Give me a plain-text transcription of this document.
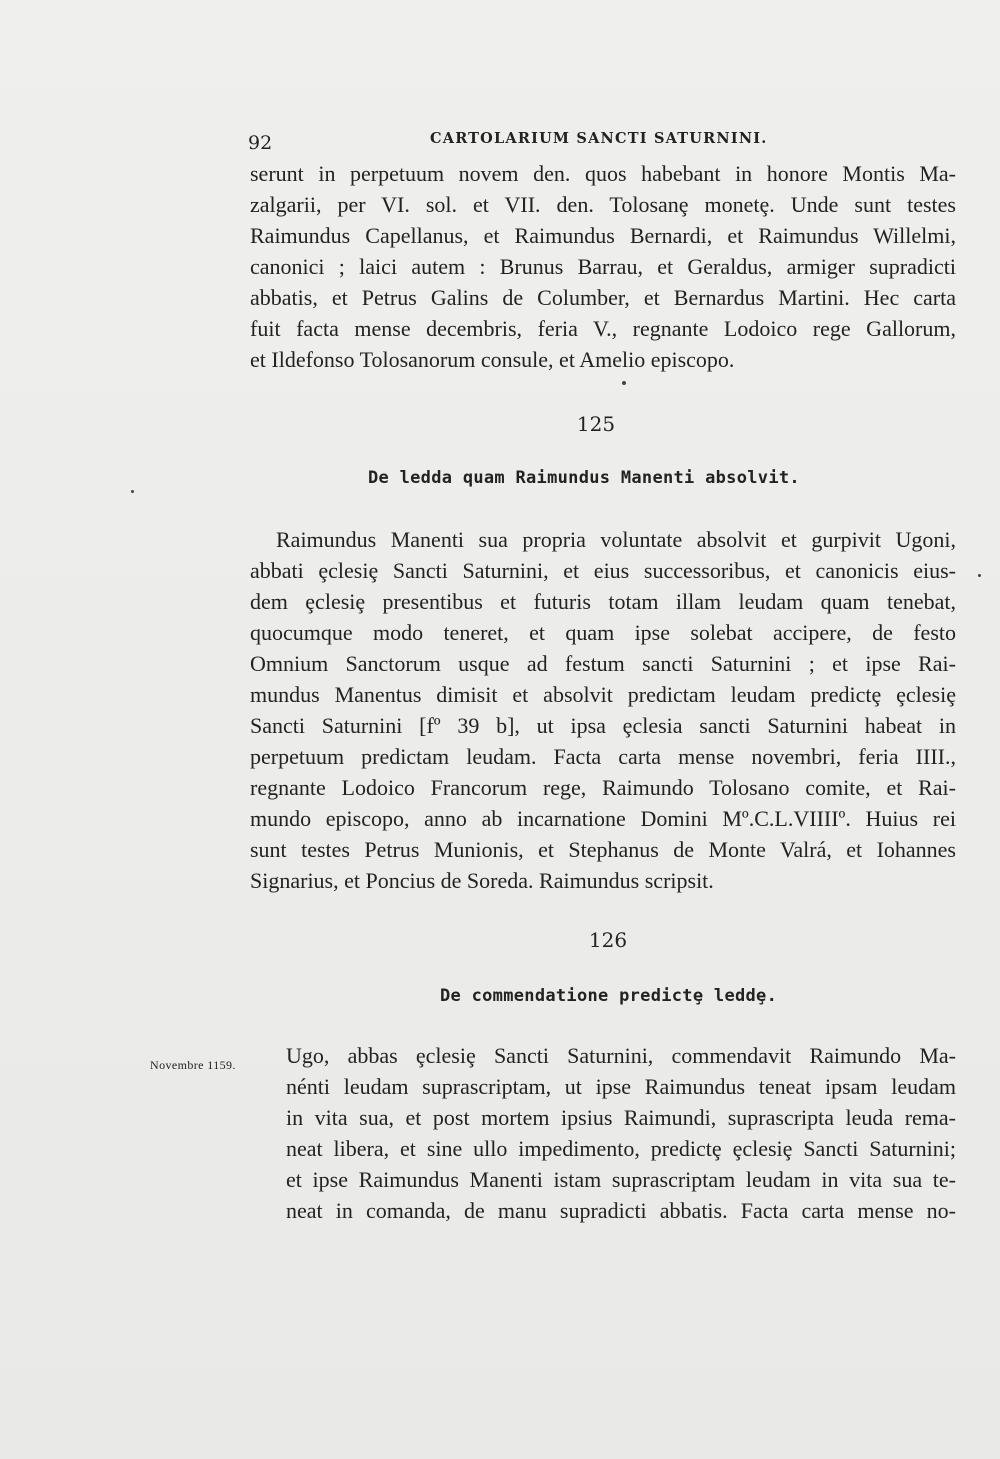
92	CARTOLARIUM SANCTI SATURNINI.
serunt in perpetuum novem den. quos habebant in honore Montis Ma-
zalgarii, per VI. sol. et VII. den. Tolosanȩ monetȩ. Unde sunt testes
Raimundus Capellanus, et Raimundus Bernardi, et Raimundus Willelmi,
canonici ; laici autem : Brunus Barrau, et Geraldus, armiger supradicti
abbatis, et Petrus Galins de Columber, et Bernardus Martini. Hec carta
fuit facta mense decembris, feria V., regnante Lodoico rege Gallorum,
et Ildefonso Tolosanorum consule, et Amelio episcopo.
125
De ledda quam Raimundus Manenti absolvit.
Raimundus Manenti sua propria voluntate absolvit et gurpivit Ugoni,
abbati ȩclesiȩ Sancti Saturnini, et eius successoribus, et canonicis eius-
dem ȩclesiȩ presentibus et futuris totam illam leudam quam tenebat,
quocumque modo teneret, et quam ipse solebat accipere, de festo
Omnium Sanctorum usque ad festum sancti Saturnini ; et ipse Rai-
mundus Manentus dimisit et absolvit predictam leudam predictȩ ȩclesiȩ
Sancti Saturnini [fº 39 b], ut ipsa ȩclesia sancti Saturnini habeat in
perpetuum predictam leudam. Facta carta mense novembri, feria IIII.,
regnante Lodoico Francorum rege, Raimundo Tolosano comite, et Rai-
mundo episcopo, anno ab incarnatione Domini Mº.C.L.VIIIIº. Huius rei
sunt testes Petrus Munionis, et Stephanus de Monte Valrá, et Iohannes
Signarius, et Poncius de Soreda. Raimundus scripsit.
126
De commendatione predictȩ leddȩ.
Novembre 1159. Ugo, abbas ȩclesiȩ Sancti Saturnini, commendavit Raimundo Ma-
nénti leudam suprascriptam, ut ipse Raimundus teneat ipsam leudam
in vita sua, et post mortem ipsius Raimundi, suprascripta leuda rema-
neat libera, et sine ullo impedimento, predictȩ ȩclesiȩ Sancti Saturnini;
et ipse Raimundus Manenti istam suprascriptam leudam in vita sua te-
neat in comanda, de manu supradicti abbatis. Facta carta mense no-
